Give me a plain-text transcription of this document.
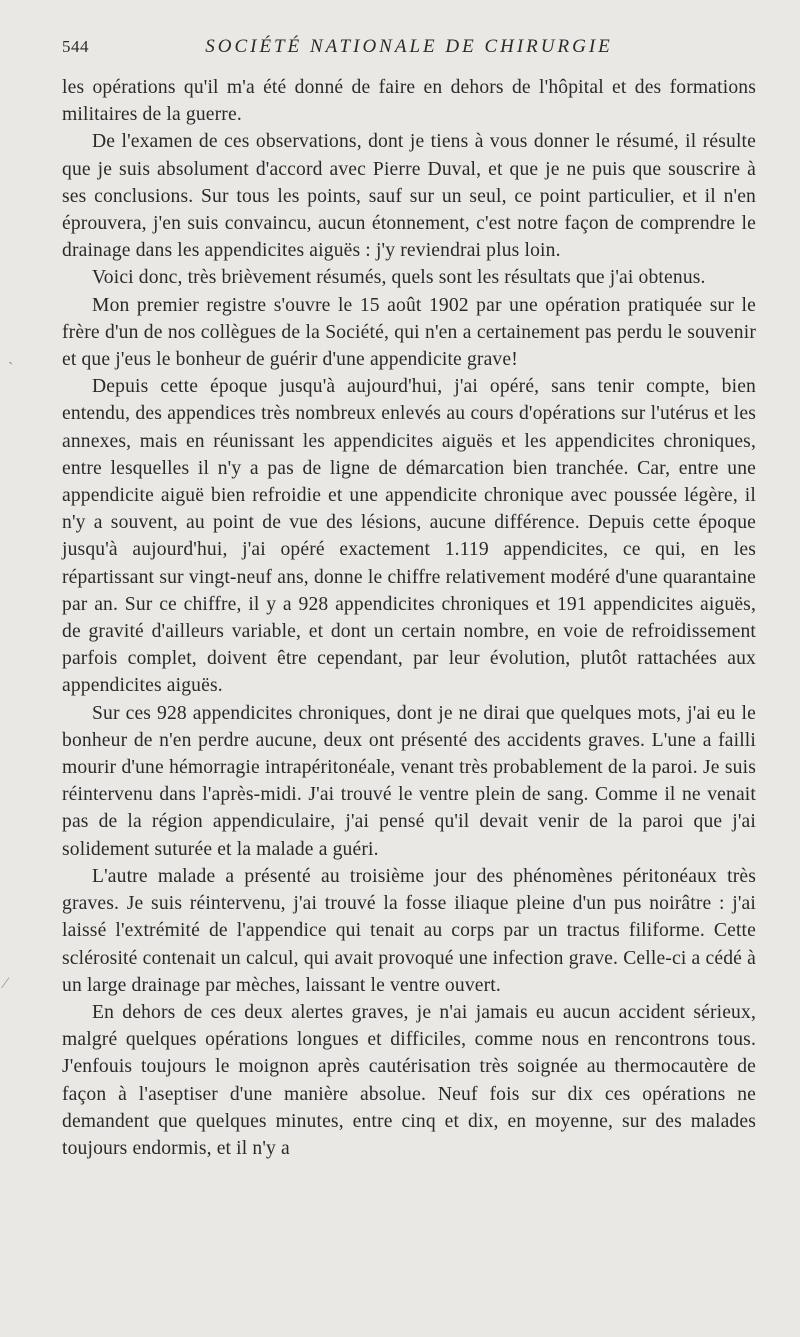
544	SOCIÉTÉ NATIONALE DE CHIRURGIE

les opérations qu'il m'a été donné de faire en dehors de l'hôpital et des formations militaires de la guerre.

De l'examen de ces observations, dont je tiens à vous donner le résumé, il résulte que je suis absolument d'accord avec Pierre Duval, et que je ne puis que souscrire à ses conclusions. Sur tous les points, sauf sur un seul, ce point particulier, et il n'en éprouvera, j'en suis convaincu, aucun étonnement, c'est notre façon de comprendre le drainage dans les appendicites aiguës : j'y reviendrai plus loin.

Voici donc, très brièvement résumés, quels sont les résultats que j'ai obtenus.

Mon premier registre s'ouvre le 15 août 1902 par une opération pratiquée sur le frère d'un de nos collègues de la Société, qui n'en a certainement pas perdu le souvenir et que j'eus le bonheur de guérir d'une appendicite grave!

Depuis cette époque jusqu'à aujourd'hui, j'ai opéré, sans tenir compte, bien entendu, des appendices très nombreux enlevés au cours d'opérations sur l'utérus et les annexes, mais en réunissant les appendicites aiguës et les appendicites chroniques, entre lesquelles il n'y a pas de ligne de démarcation bien tranchée. Car, entre une appendicite aiguë bien refroidie et une appendicite chronique avec poussée légère, il n'y a souvent, au point de vue des lésions, aucune différence. Depuis cette époque jusqu'à aujourd'hui, j'ai opéré exactement 1.119 appendicites, ce qui, en les répartissant sur vingt-neuf ans, donne le chiffre relativement modéré d'une quarantaine par an. Sur ce chiffre, il y a 928 appendicites chroniques et 191 appendicites aiguës, de gravité d'ailleurs variable, et dont un certain nombre, en voie de refroidissement parfois complet, doivent être cependant, par leur évolution, plutôt rattachées aux appendicites aiguës.

Sur ces 928 appendicites chroniques, dont je ne dirai que quelques mots, j'ai eu le bonheur de n'en perdre aucune, deux ont présenté des accidents graves. L'une a failli mourir d'une hémorragie intrapéritonéale, venant très probablement de la paroi. Je suis réintervenu dans l'après-midi. J'ai trouvé le ventre plein de sang. Comme il ne venait pas de la région appendiculaire, j'ai pensé qu'il devait venir de la paroi que j'ai solidement suturée et la malade a guéri.

L'autre malade a présenté au troisième jour des phénomènes péritonéaux très graves. Je suis réintervenu, j'ai trouvé la fosse iliaque pleine d'un pus noirâtre : j'ai laissé l'extrémité de l'appendice qui tenait au corps par un tractus filiforme. Cette sclérosité contenait un calcul, qui avait provoqué une infection grave. Celle-ci a cédé à un large drainage par mèches, laissant le ventre ouvert.

En dehors de ces deux alertes graves, je n'ai jamais eu aucun accident sérieux, malgré quelques opérations longues et difficiles, comme nous en rencontrons tous. J'enfouis toujours le moignon après cautérisation très soignée au thermocautère de façon à l'aseptiser d'une manière absolue. Neuf fois sur dix ces opérations ne demandent que quelques minutes, entre cinq et dix, en moyenne, sur des malades toujours endormis, et il n'y a

ˋ
⁄
